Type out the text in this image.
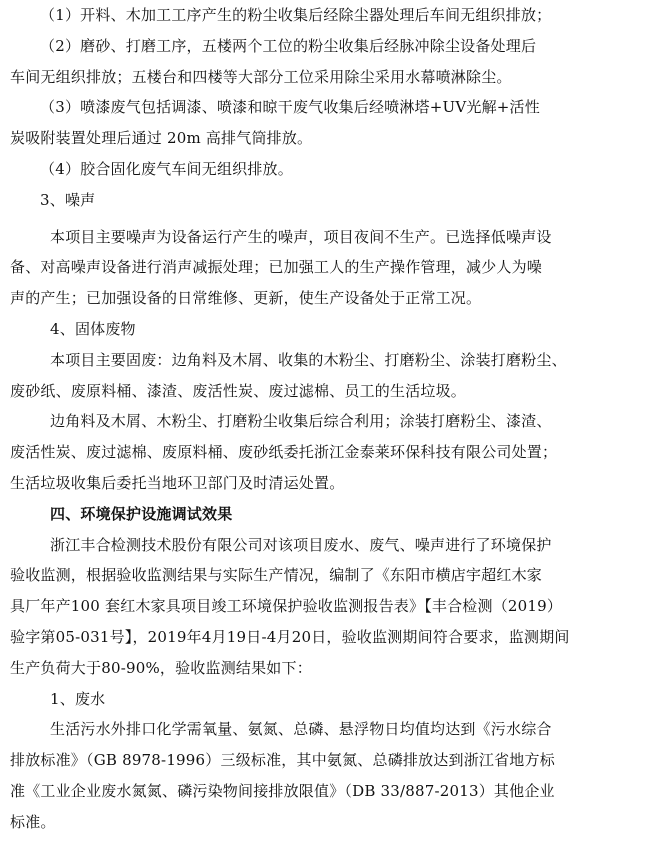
（1）开料、木加工工序产生的粉尘收集后经除尘器处理后车间无组织排放；
（2）磨砂、打磨工序，五楼两个工位的粉尘收集后经脉冲除尘设备处理后
车间无组织排放；五楼台和四楼等大部分工位采用除尘采用水幕喷淋除尘。
（3）喷漆废气包括调漆、喷漆和晾干废气收集后经喷淋塔+UV光解+活性
炭吸附装置处理后通过 20m 高排气筒排放。
（4）胶合固化废气车间无组织排放。
3、噪声
本项目主要噪声为设备运行产生的噪声，项目夜间不生产。已选择低噪声设
备、对高噪声设备进行消声减振处理；已加强工人的生产操作管理，减少人为噪
声的产生；已加强设备的日常维修、更新，使生产设备处于正常工况。
4、固体废物
本项目主要固废：边角料及木屑、收集的木粉尘、打磨粉尘、涂装打磨粉尘、
废砂纸、废原料桶、漆渣、废活性炭、废过滤棉、员工的生活垃圾。
边角料及木屑、木粉尘、打磨粉尘收集后综合利用；涂装打磨粉尘、漆渣、
废活性炭、废过滤棉、废原料桶、废砂纸委托浙江金泰莱环保科技有限公司处置；
生活垃圾收集后委托当地环卫部门及时清运处置。
四、环境保护设施调试效果
浙江丰合检测技术股份有限公司对该项目废水、废气、噪声进行了环境保护
验收监测，根据验收监测结果与实际生产情况，编制了《东阳市横店宇超红木家
具厂年产100 套红木家具项目竣工环境保护验收监测报告表》【丰合检测（2019）
验字第05-031号】，2019年4月19日-4月20日，验收监测期间符合要求，监测期间
生产负荷大于80-90%，验收监测结果如下：
1、废水
生活污水外排口化学需氧量、氨氮、总磷、悬浮物日均值均达到《污水综合
排放标准》（GB 8978-1996）三级标准，其中氨氮、总磷排放达到浙江省地方标
准《工业企业废水氮氮、磷污染物间接排放限值》（DB 33/887-2013）其他企业
标准。
